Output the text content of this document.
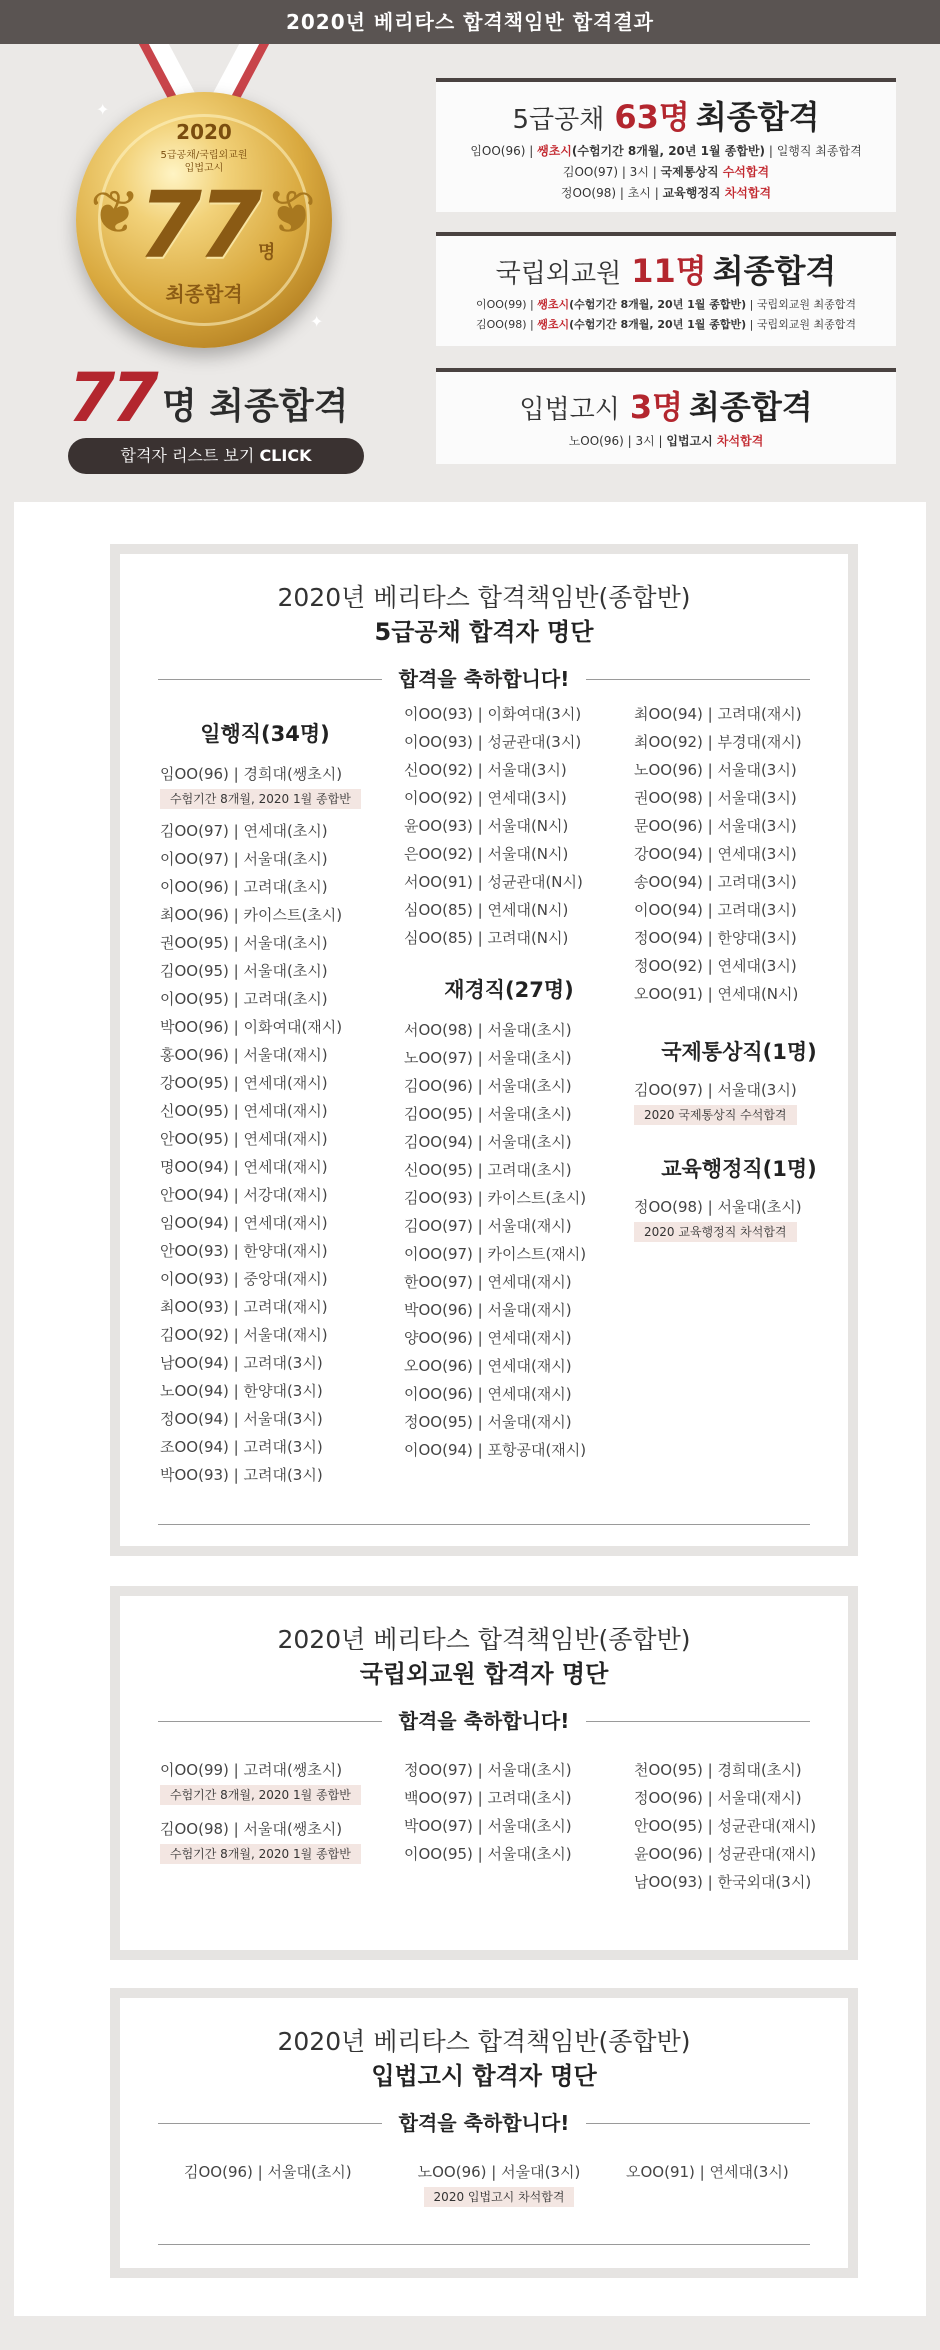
2020년 베리타스 합격책임반 합격결과
❦ ❦
2020
5급공채/국립외교원
입법고시
77 명
최종합격
✦
✦
77 명 최종합격
합격자 리스트 보기 CLICK
5급공채 63명 최종합격
임OO(96) | 쌩초시(수험기간 8개월, 20년 1월 종합반) | 일행직 최종합격
김OO(97) | 3시 | 국제통상직 수석합격
정OO(98) | 초시 | 교육행정직 차석합격
국립외교원 11명 최종합격
이OO(99) | 쌩초시(수험기간 8개월, 20년 1월 종합반) | 국립외교원 최종합격
김OO(98) | 쌩초시(수험기간 8개월, 20년 1월 종합반) | 국립외교원 최종합격
입법고시 3명 최종합격
노OO(96) | 3시 | 입법고시 차석합격
2020년 베리타스 합격책임반(종합반)
5급공채 합격자 명단
합격을 축하합니다!
일행직(34명)
임OO(96) | 경희대(쌩초시)
수험기간 8개월, 2020 1월 종합반
김OO(97) | 연세대(초시)
이OO(97) | 서울대(초시)
이OO(96) | 고려대(초시)
최OO(96) | 카이스트(초시)
권OO(95) | 서울대(초시)
김OO(95) | 서울대(초시)
이OO(95) | 고려대(초시)
박OO(96) | 이화여대(재시)
홍OO(96) | 서울대(재시)
강OO(95) | 연세대(재시)
신OO(95) | 연세대(재시)
안OO(95) | 연세대(재시)
명OO(94) | 연세대(재시)
안OO(94) | 서강대(재시)
임OO(94) | 연세대(재시)
안OO(93) | 한양대(재시)
이OO(93) | 중앙대(재시)
최OO(93) | 고려대(재시)
김OO(92) | 서울대(재시)
남OO(94) | 고려대(3시)
노OO(94) | 한양대(3시)
정OO(94) | 서울대(3시)
조OO(94) | 고려대(3시)
박OO(93) | 고려대(3시)
이OO(93) | 이화여대(3시)
이OO(93) | 성균관대(3시)
신OO(92) | 서울대(3시)
이OO(92) | 연세대(3시)
윤OO(93) | 서울대(N시)
은OO(92) | 서울대(N시)
서OO(91) | 성균관대(N시)
심OO(85) | 연세대(N시)
심OO(85) | 고려대(N시)
재경직(27명)
서OO(98) | 서울대(초시)
노OO(97) | 서울대(초시)
김OO(96) | 서울대(초시)
김OO(95) | 서울대(초시)
김OO(94) | 서울대(초시)
신OO(95) | 고려대(초시)
김OO(93) | 카이스트(초시)
김OO(97) | 서울대(재시)
이OO(97) | 카이스트(재시)
한OO(97) | 연세대(재시)
박OO(96) | 서울대(재시)
양OO(96) | 연세대(재시)
오OO(96) | 연세대(재시)
이OO(96) | 연세대(재시)
정OO(95) | 서울대(재시)
이OO(94) | 포항공대(재시)
최OO(94) | 고려대(재시)
최OO(92) | 부경대(재시)
노OO(96) | 서울대(3시)
권OO(98) | 서울대(3시)
문OO(96) | 서울대(3시)
강OO(94) | 연세대(3시)
송OO(94) | 고려대(3시)
이OO(94) | 고려대(3시)
정OO(94) | 한양대(3시)
정OO(92) | 연세대(3시)
오OO(91) | 연세대(N시)
국제통상직(1명)
김OO(97) | 서울대(3시)
2020 국제통상직 수석합격
교육행정직(1명)
정OO(98) | 서울대(초시)
2020 교육행정직 차석합격
2020년 베리타스 합격책임반(종합반)
국립외교원 합격자 명단
합격을 축하합니다!
이OO(99) | 고려대(쌩초시)
수험기간 8개월, 2020 1월 종합반
김OO(98) | 서울대(쌩초시)
수험기간 8개월, 2020 1월 종합반
정OO(97) | 서울대(초시)
백OO(97) | 고려대(초시)
박OO(97) | 서울대(초시)
이OO(95) | 서울대(초시)
천OO(95) | 경희대(초시)
정OO(96) | 서울대(재시)
안OO(95) | 성균관대(재시)
윤OO(96) | 성균관대(재시)
남OO(93) | 한국외대(3시)
2020년 베리타스 합격책임반(종합반)
입법고시 합격자 명단
합격을 축하합니다!
김OO(96) | 서울대(초시)	노OO(96) | 서울대(3시)
2020 입법고시 차석합격
오OO(91) | 연세대(3시)
